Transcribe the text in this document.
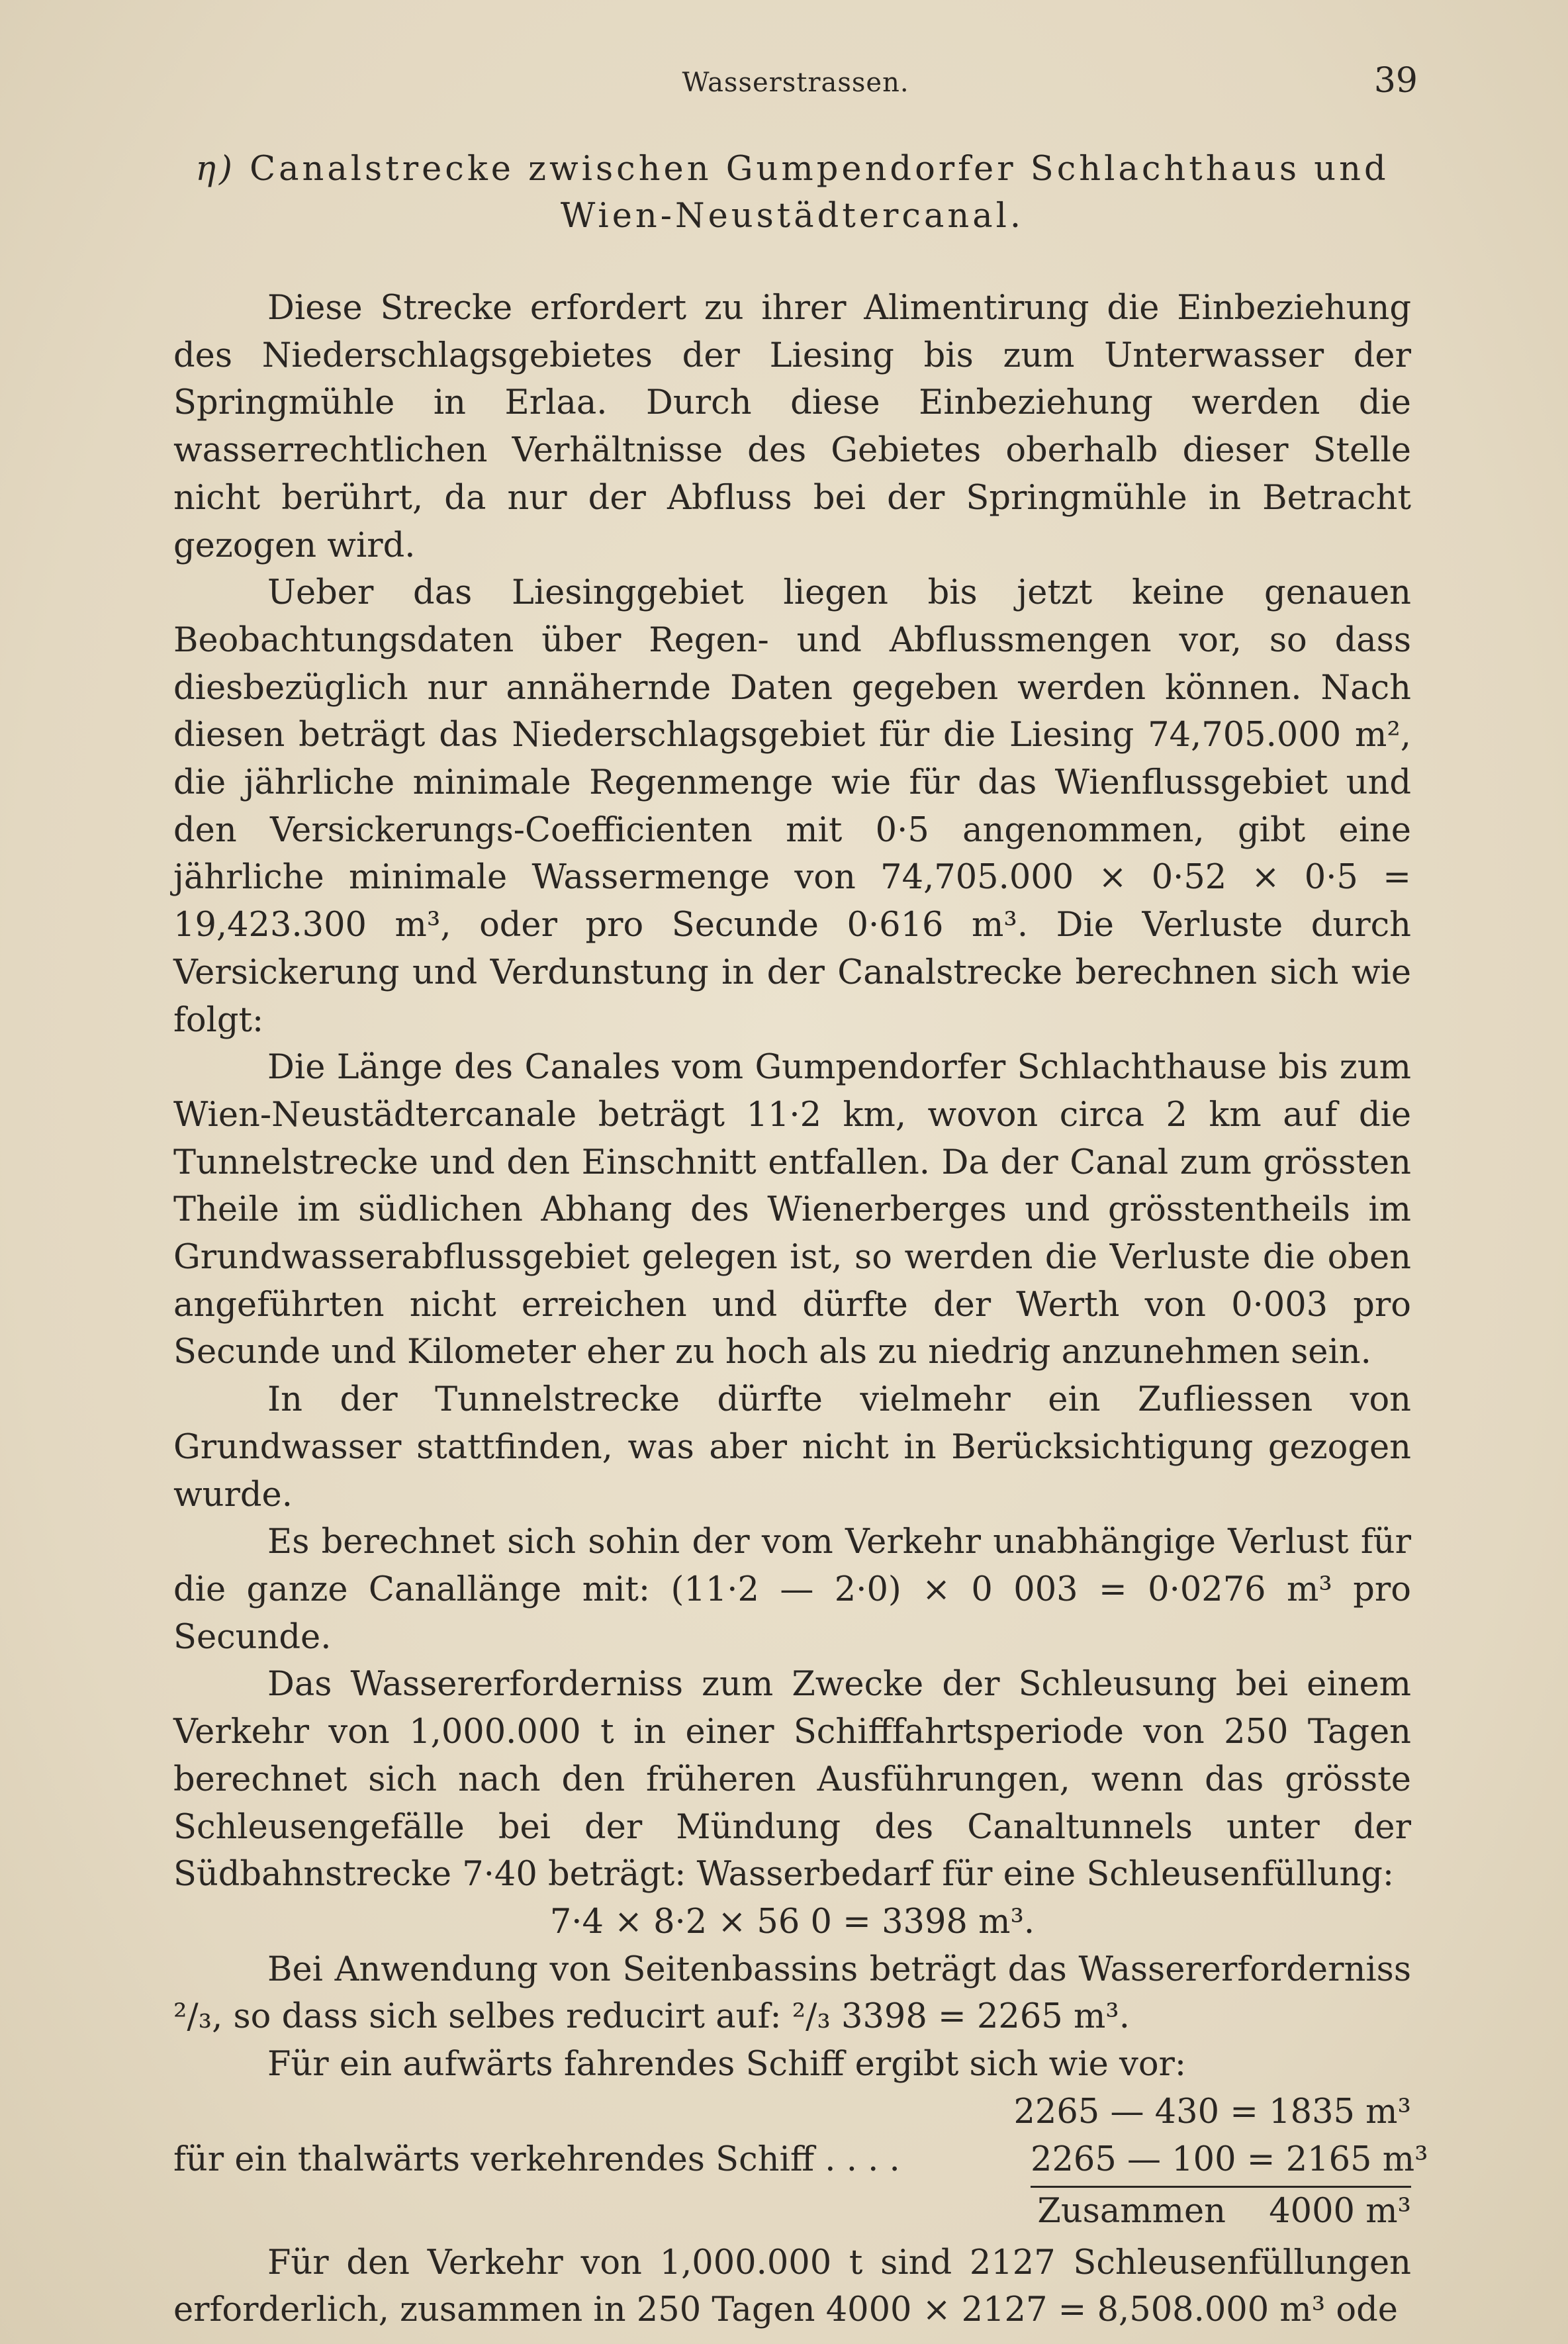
Wasserstrassen.	39
η) Canalstrecke zwischen Gumpendorfer Schlachthaus und Wien-Neustädtercanal.

Diese Strecke erfordert zu ihrer Alimentirung die Einbeziehung des Niederschlagsgebietes der Liesing bis zum Unterwasser der Springmühle in Erlaa. Durch diese Einbeziehung werden die wasserrechtlichen Verhältnisse des Gebietes oberhalb dieser Stelle nicht berührt, da nur der Abfluss bei der Springmühle in Betracht gezogen wird.

Ueber das Liesinggebiet liegen bis jetzt keine genauen Beobachtungsdaten über Regen- und Abflussmengen vor, so dass diesbezüglich nur annähernde Daten gegeben werden können. Nach diesen beträgt das Niederschlagsgebiet für die Liesing 74,705.000 m², die jährliche minimale Regenmenge wie für das Wienflussgebiet und den Versickerungs-Coefficienten mit 0·5 angenommen, gibt eine jährliche minimale Wassermenge von 74,705.000 × 0·52 × 0·5 = 19,423.300 m³, oder pro Secunde 0·616 m³. Die Verluste durch Versickerung und Verdunstung in der Canalstrecke berechnen sich wie folgt:

Die Länge des Canales vom Gumpendorfer Schlachthause bis zum Wien-Neustädtercanale beträgt 11·2 km, wovon circa 2 km auf die Tunnelstrecke und den Einschnitt entfallen. Da der Canal zum grössten Theile im südlichen Abhang des Wienerberges und grösstentheils im Grundwasserabflussgebiet gelegen ist, so werden die Verluste die oben angeführten nicht erreichen und dürfte der Werth von 0·003 pro Secunde und Kilometer eher zu hoch als zu niedrig anzunehmen sein.

In der Tunnelstrecke dürfte vielmehr ein Zufliessen von Grundwasser stattfinden, was aber nicht in Berücksichtigung gezogen wurde.

Es berechnet sich sohin der vom Verkehr unabhängige Verlust für die ganze Canallänge mit: (11·2 — 2·0) × 0 003 = 0·0276 m³ pro Secunde.

Das Wassererforderniss zum Zwecke der Schleusung bei einem Verkehr von 1,000.000 t in einer Schifffahrtsperiode von 250 Tagen berechnet sich nach den früheren Ausführungen, wenn das grösste Schleusengefälle bei der Mündung des Canaltunnels unter der Südbahnstrecke 7·40 beträgt: Wasserbedarf für eine Schleusenfüllung:

7·4 × 8·2 × 56 0 = 3398 m³.

Bei Anwendung von Seitenbassins beträgt das Wassererforderniss ²/₃, so dass sich selbes reducirt auf: ²/₃ 3398 = 2265 m³.

Für ein aufwärts fahrendes Schiff ergibt sich wie vor:

2265 — 430 = 1835 m³
für ein thalwärts verkehrendes Schiff . . . .	2265 — 100 = 2165 m³
Zusammen 4000 m³

Für den Verkehr von 1,000.000 t sind 2127 Schleusenfüllungen erforderlich, zusammen in 250 Tagen 4000 × 2127 = 8,508.000 m³ ode
